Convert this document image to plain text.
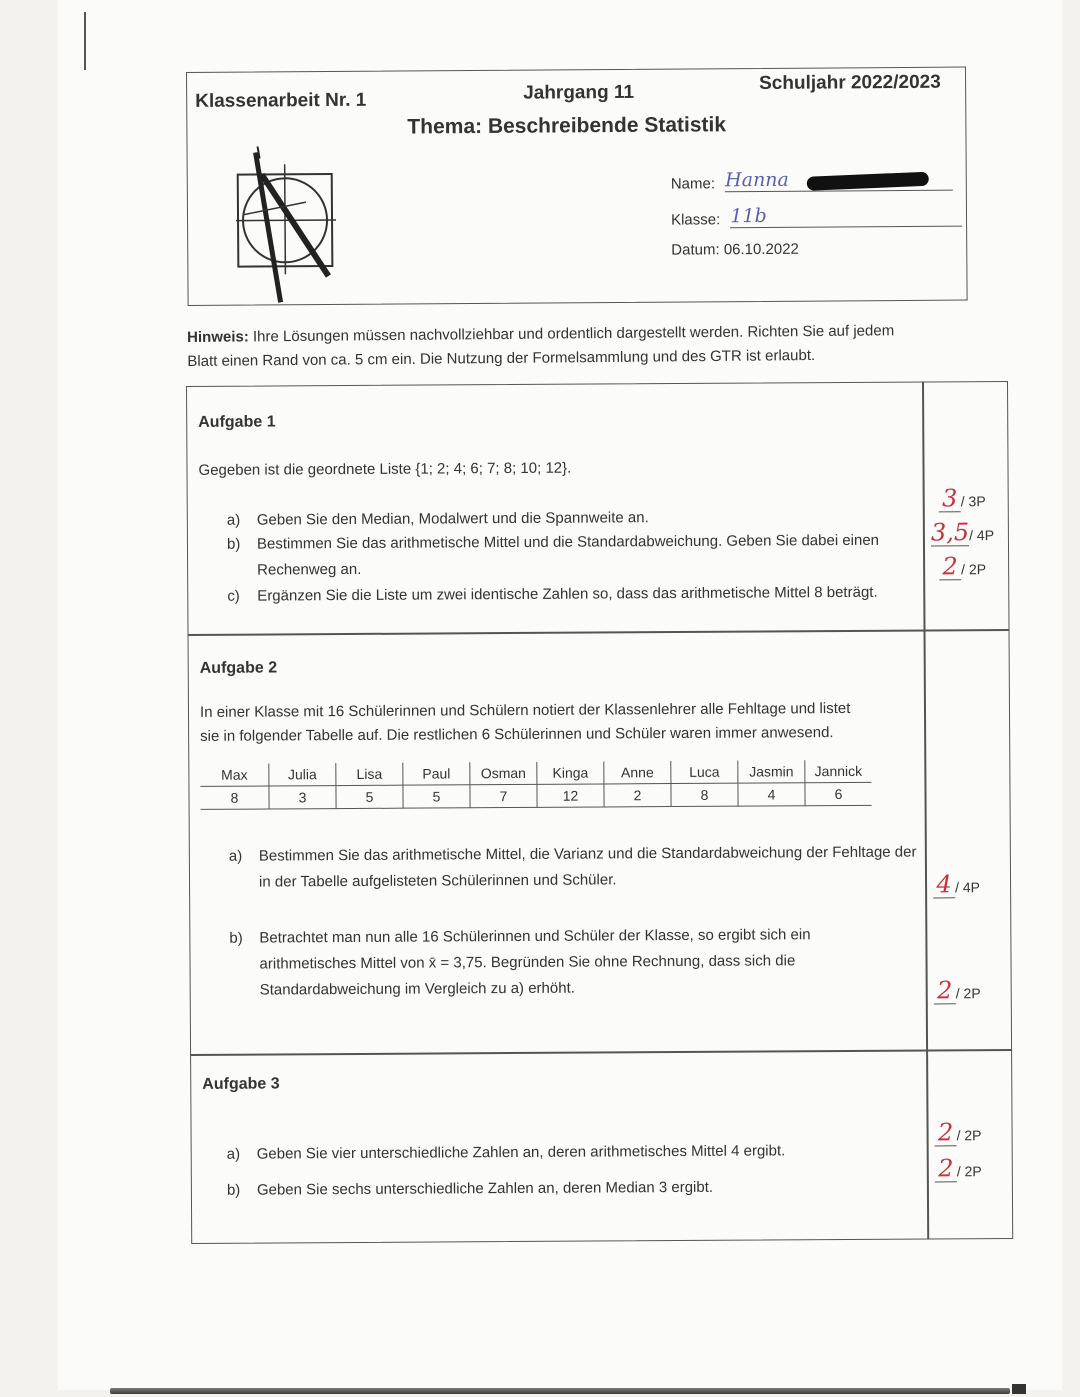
Klassenarbeit Nr. 1	Jahrgang 11	Schuljahr 2022/2023
Thema: Beschreibende Statistik
Name: Hanna
Klasse: 11b
Datum: 06.10.2022
Hinweis: Ihre Lösungen müssen nachvollziehbar und ordentlich dargestellt werden. Richten Sie auf jedem
Blatt einen Rand von ca. 5 cm ein. Die Nutzung der Formelsammlung und des GTR ist erlaubt.
Aufgabe 1
Gegeben ist die geordnete Liste {1; 2; 4; 6; 7; 8; 10; 12}.
a) Geben Sie den Median, Modalwert und die Spannweite an.
b) Bestimmen Sie das arithmetische Mittel und die Standardabweichung. Geben Sie dabei einen Rechenweg an.
c) Ergänzen Sie die Liste um zwei identische Zahlen so, dass das arithmetische Mittel 8 beträgt.
3 / 3P
3,5/ 4P
2 / 2P
Aufgabe 2
In einer Klasse mit 16 Schülerinnen und Schülern notiert der Klassenlehrer alle Fehltage und listet
sie in folgender Tabelle auf. Die restlichen 6 Schülerinnen und Schüler waren immer anwesend.
Max	Julia	Lisa	Paul	Osman	Kinga	Anne	Luca	Jasmin	Jannick
8	3	5	5	7	12	2	8	4	6
a) Bestimmen Sie das arithmetische Mittel, die Varianz und die Standardabweichung der Fehltage der in der Tabelle aufgelisteten Schülerinnen und Schüler.
b) Betrachtet man nun alle 16 Schülerinnen und Schüler der Klasse, so ergibt sich ein arithmetisches Mittel von x̄ = 3,75. Begründen Sie ohne Rechnung, dass sich die Standardabweichung im Vergleich zu a) erhöht.
4 / 4P
2 / 2P
Aufgabe 3
a) Geben Sie vier unterschiedliche Zahlen an, deren arithmetisches Mittel 4 ergibt.
b) Geben Sie sechs unterschiedliche Zahlen an, deren Median 3 ergibt.
2 / 2P
2 / 2P
